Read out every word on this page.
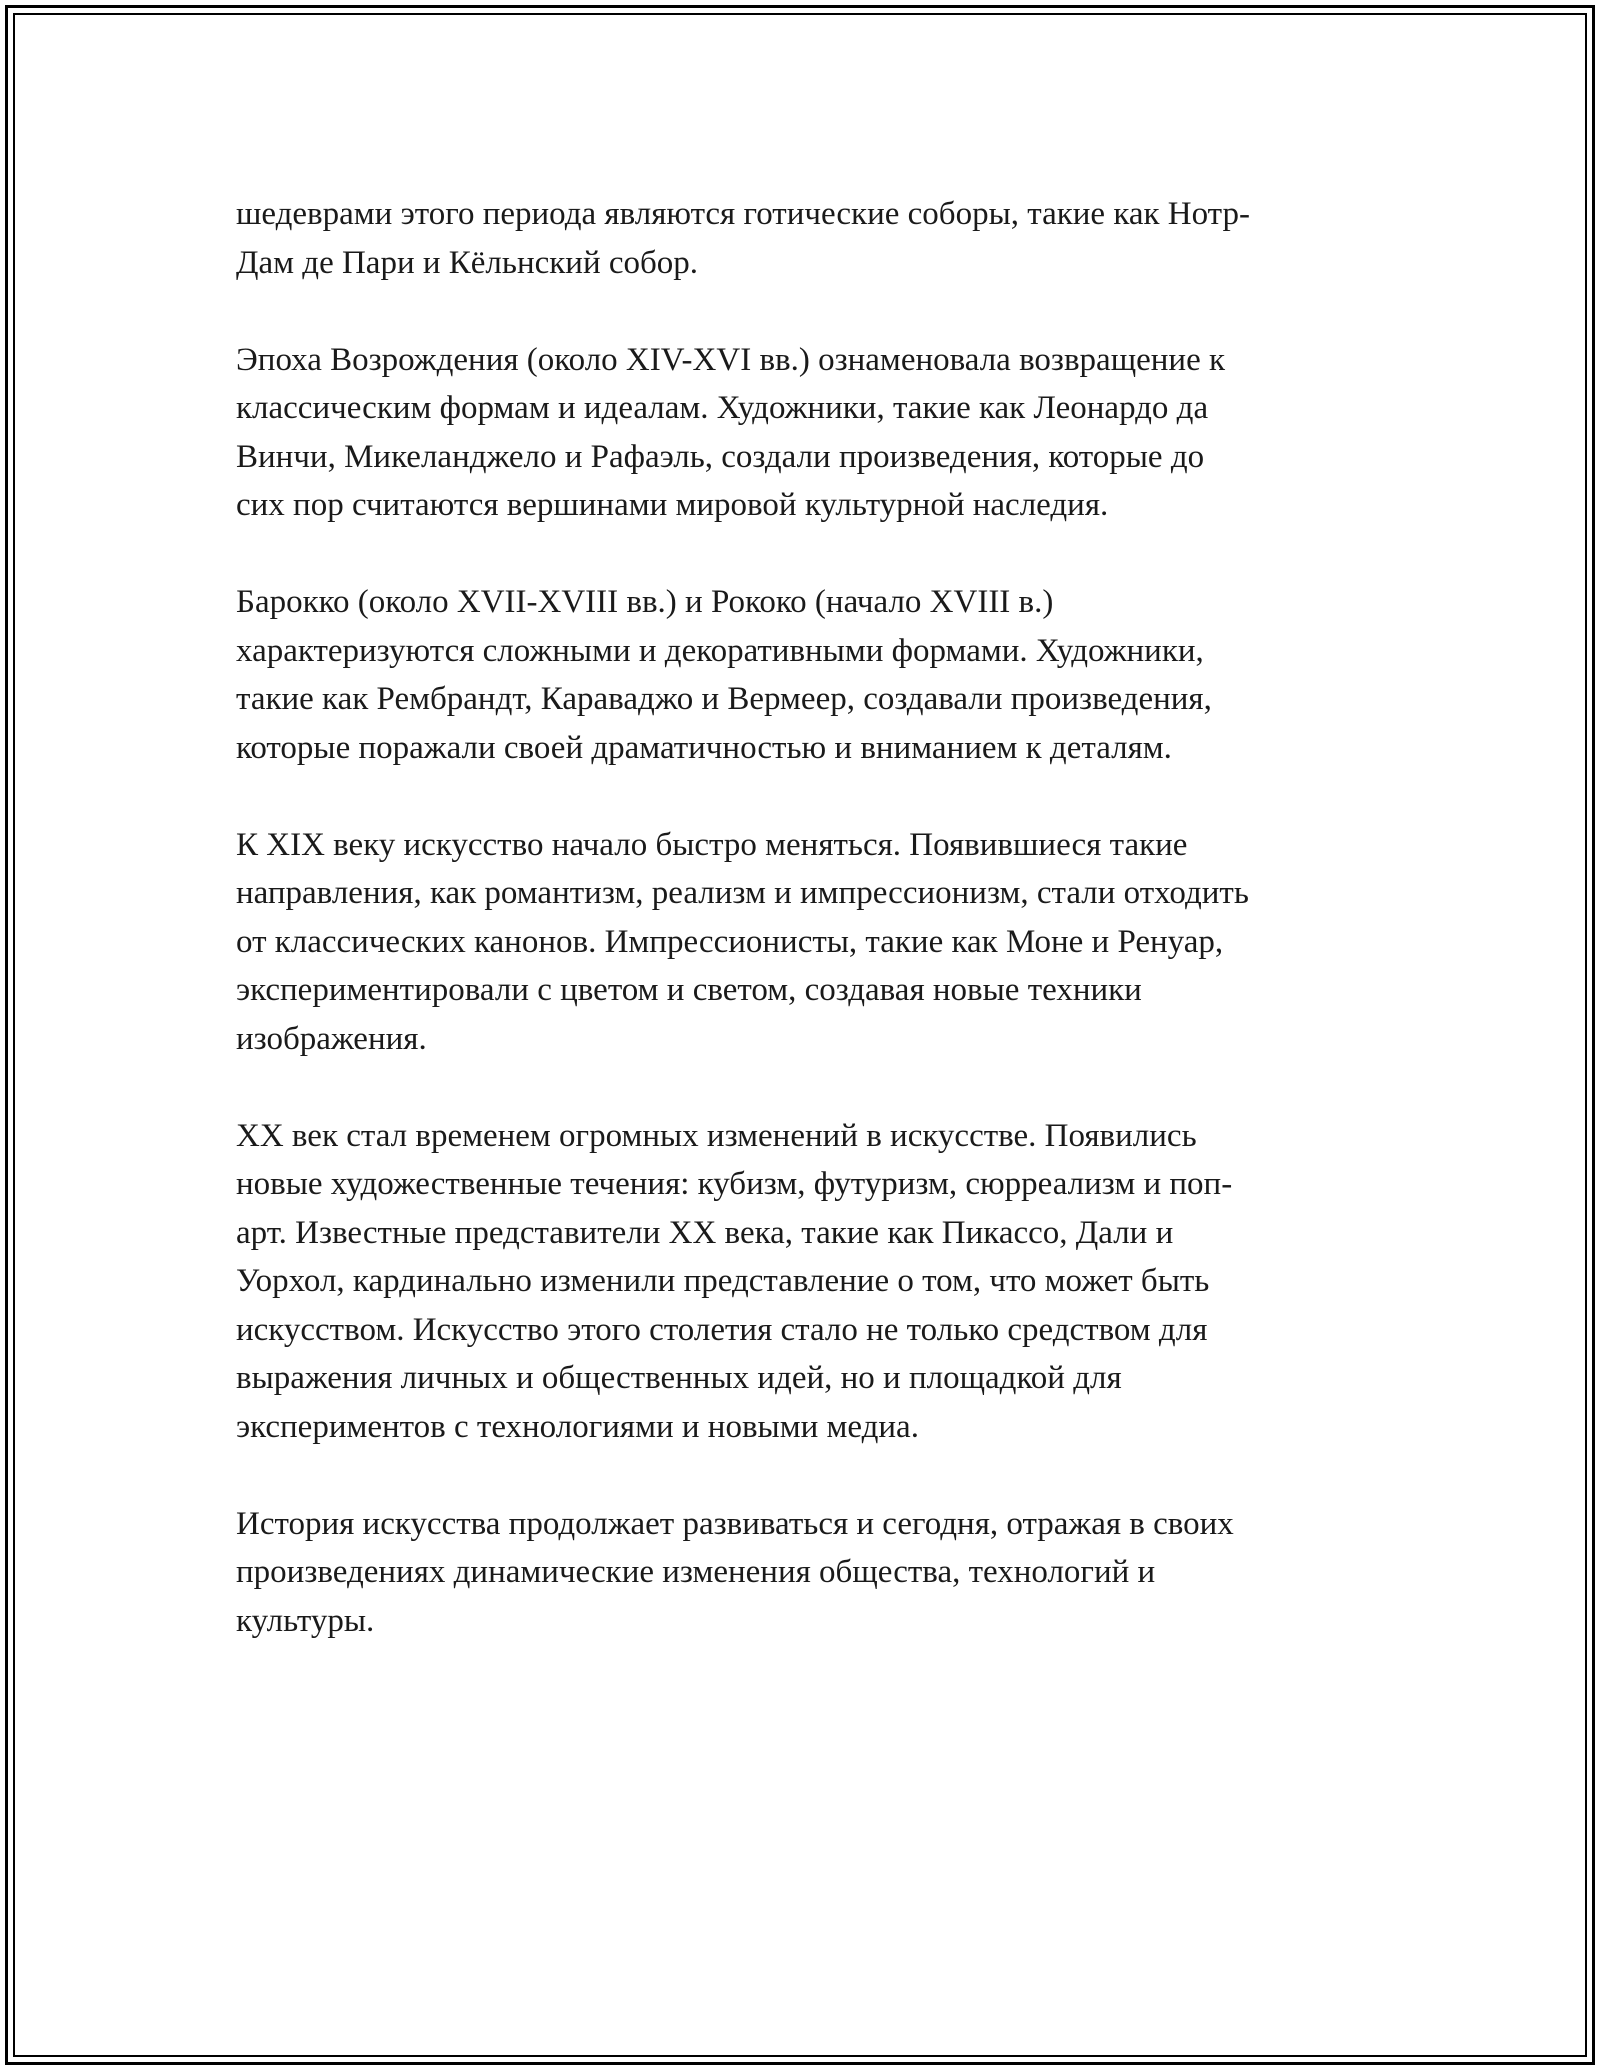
шедеврами этого периода являются готические соборы, такие как Нотр-
Дам де Пари и Кёльнский собор.

Эпоха Возрождения (около XIV-XVI вв.) ознаменовала возвращение к
классическим формам и идеалам. Художники, такие как Леонардо да
Винчи, Микеланджело и Рафаэль, создали произведения, которые до
сих пор считаются вершинами мировой культурной наследия.

Барокко (около XVII-XVIII вв.) и Рококо (начало XVIII в.)
характеризуются сложными и декоративными формами. Художники,
такие как Рембрандт, Караваджо и Вермеер, создавали произведения,
которые поражали своей драматичностью и вниманием к деталям.

К XIX веку искусство начало быстро меняться. Появившиеся такие
направления, как романтизм, реализм и импрессионизм, стали отходить
от классических канонов. Импрессионисты, такие как Моне и Ренуар,
экспериментировали с цветом и светом, создавая новые техники
изображения.

XX век стал временем огромных изменений в искусстве. Появились
новые художественные течения: кубизм, футуризм, сюрреализм и поп-
арт. Известные представители XX века, такие как Пикассо, Дали и
Уорхол, кардинально изменили представление о том, что может быть
искусством. Искусство этого столетия стало не только средством для
выражения личных и общественных идей, но и площадкой для
экспериментов с технологиями и новыми медиа.

История искусства продолжает развиваться и сегодня, отражая в своих
произведениях динамические изменения общества, технологий и
культуры.
